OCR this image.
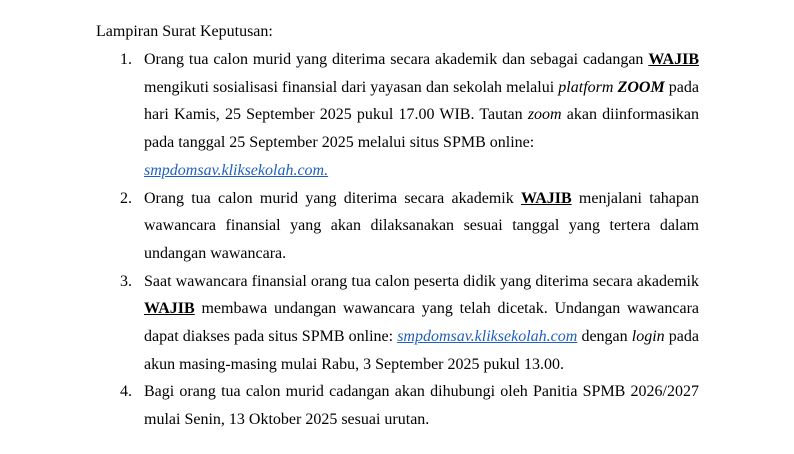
Lampiran Surat Keputusan:
1. Orang tua calon murid yang diterima secara akademik dan sebagai cadangan WAJIB mengikuti sosialisasi finansial dari yayasan dan sekolah melalui platform ZOOM pada hari Kamis, 25 September 2025 pukul 17.00 WIB. Tautan zoom akan diinformasikan pada tanggal 25 September 2025 melalui situs SPMB online:
smpdomsav.kliksekolah.com.
2. Orang tua calon murid yang diterima secara akademik WAJIB menjalani tahapan wawancara finansial yang akan dilaksanakan sesuai tanggal yang tertera dalam undangan wawancara.
3. Saat wawancara finansial orang tua calon peserta didik yang diterima secara akademik WAJIB membawa undangan wawancara yang telah dicetak. Undangan wawancara dapat diakses pada situs SPMB online: smpdomsav.kliksekolah.com dengan login pada akun masing-masing mulai Rabu, 3 September 2025 pukul 13.00.
4. Bagi orang tua calon murid cadangan akan dihubungi oleh Panitia SPMB 2026/2027 mulai Senin, 13 Oktober 2025 sesuai urutan.
